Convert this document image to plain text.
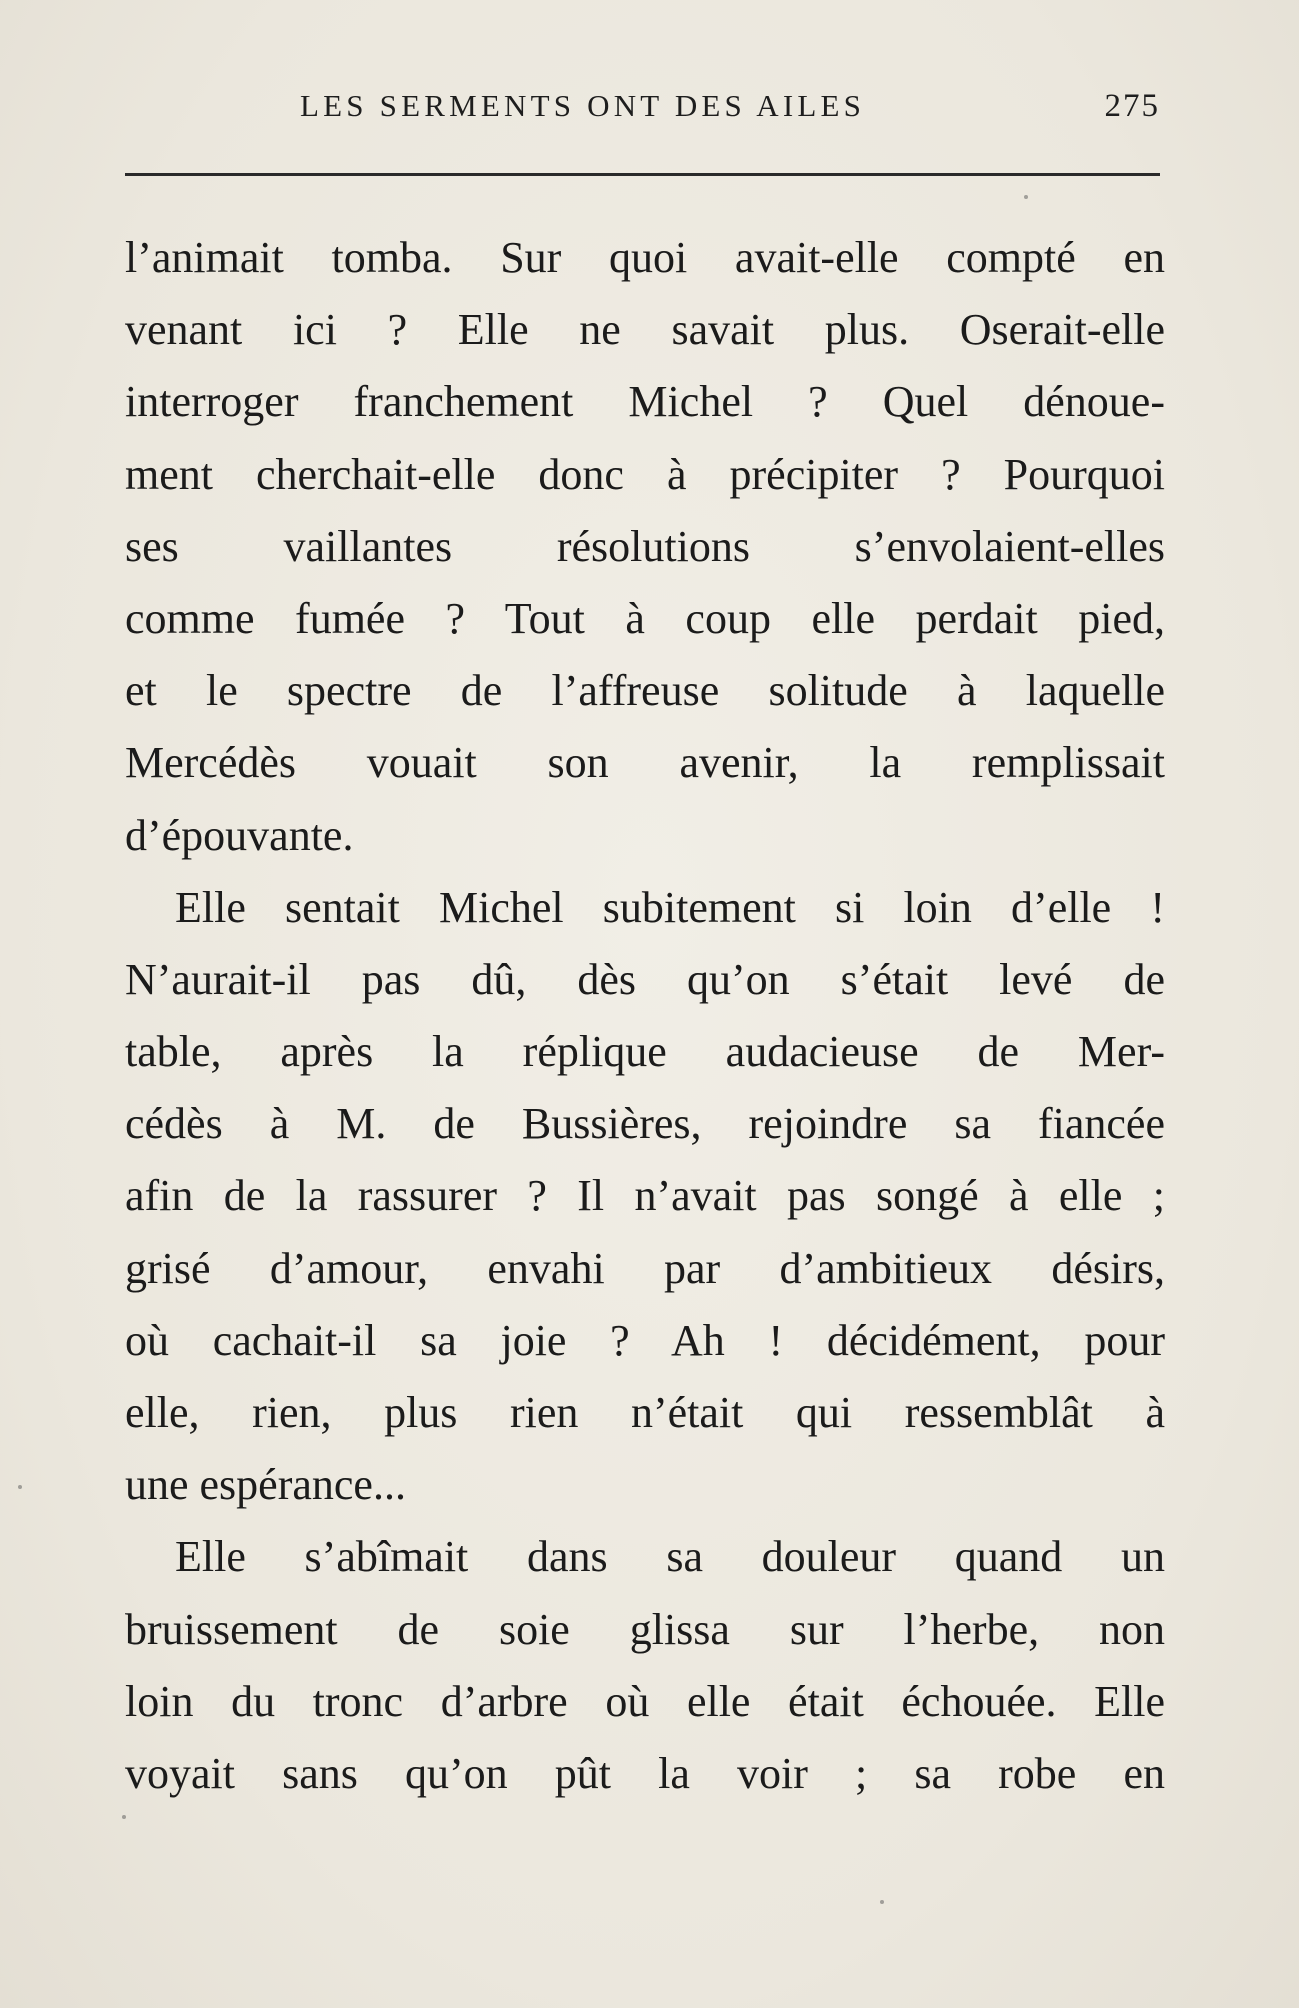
LES SERMENTS ONT DES AILES	275

l’animait tomba. Sur quoi avait-elle compté en
venant ici ? Elle ne savait plus. Oserait-elle
interroger franchement Michel ? Quel dénoue-
ment cherchait-elle donc à précipiter ? Pourquoi
ses vaillantes résolutions s’envolaient-elles
comme fumée ? Tout à coup elle perdait pied,
et le spectre de l’affreuse solitude à laquelle
Mercédès vouait son avenir, la remplissait
d’épouvante.

Elle sentait Michel subitement si loin d’elle !
N’aurait-il pas dû, dès qu’on s’était levé de
table, après la réplique audacieuse de Mer-
cédès à M. de Bussières, rejoindre sa fiancée
afin de la rassurer ? Il n’avait pas songé à elle ;
grisé d’amour, envahi par d’ambitieux désirs,
où cachait-il sa joie ? Ah ! décidément, pour
elle, rien, plus rien n’était qui ressemblât à
une espérance...

Elle s’abîmait dans sa douleur quand un
bruissement de soie glissa sur l’herbe, non
loin du tronc d’arbre où elle était échouée. Elle
voyait sans qu’on pût la voir ; sa robe en
